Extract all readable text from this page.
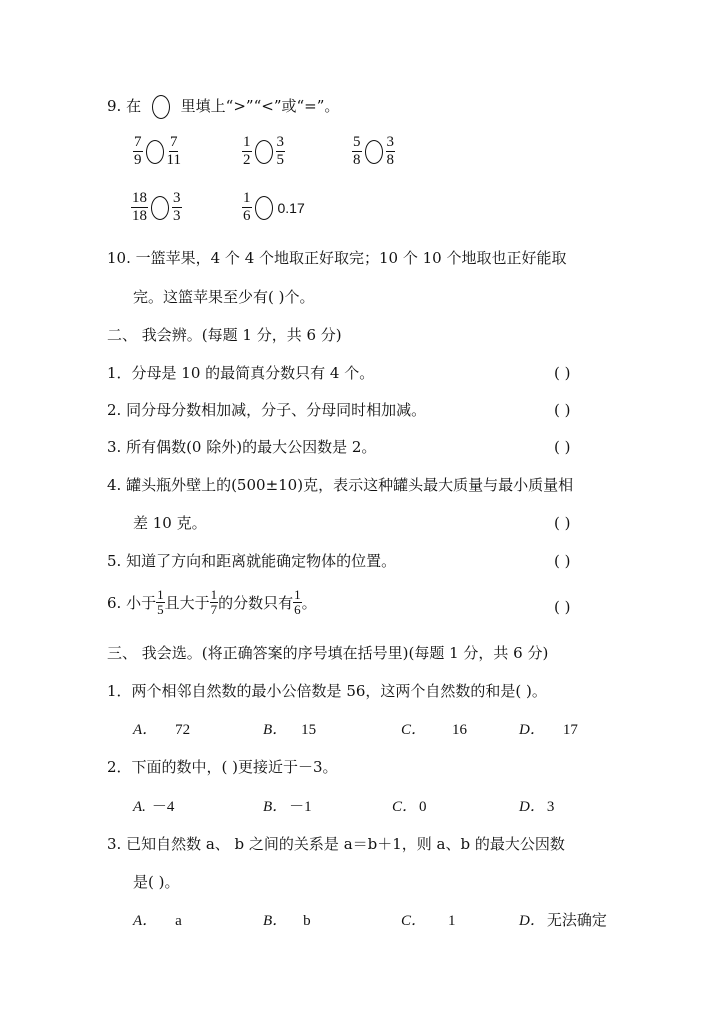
9. 在	里填上“>”“<”或“=”。
$\frac{7}{9} \frac{7}{11}$	$\frac{1}{2} \frac{3}{5}$	$\frac{5}{8} \frac{3}{8}$
$\frac{18}{18} \frac{3}{3}$	$\frac{1}{6} 0.17$
10. 一篮苹果，4 个 4 个地取正好取完；10 个 10 个地取也正好能取
完。这篮苹果至少有( )个。
二、 我会辨。(每题 1 分，共 6 分)
1．分母是 10 的最简真分数只有 4 个。	( )
2. 同分母分数相加减，分子、分母同时相加减。	( )
3. 所有偶数(0 除外)的最大公因数是 2。	( )
4. 罐头瓶外壁上的(500±10)克，表示这种罐头最大质量与最小质量相
差 10 克。	( )
5. 知道了方向和距离就能确定物体的位置。	( )
6. 小于 $\frac{1}{5}$ 且大于 $\frac{1}{7}$ 的分数只有 $\frac{1}{6}$ 。	( )
三、 我会选。(将正确答案的序号填在括号里)(每题 1 分，共 6 分)
1．两个相邻自然数的最小公倍数是 56，这两个自然数的和是( )。
A． 72	B． 15	C． 16	D． 17
2．下面的数中，( )更接近于－3。
A. －4	B． －1	C． 0	D． 3
3. 已知自然数 a、 b 之间的关系是 a＝b＋1，则 a、b 的最大公因数
是( )。
A． a	B． b	C． 1	D． 无法确定
